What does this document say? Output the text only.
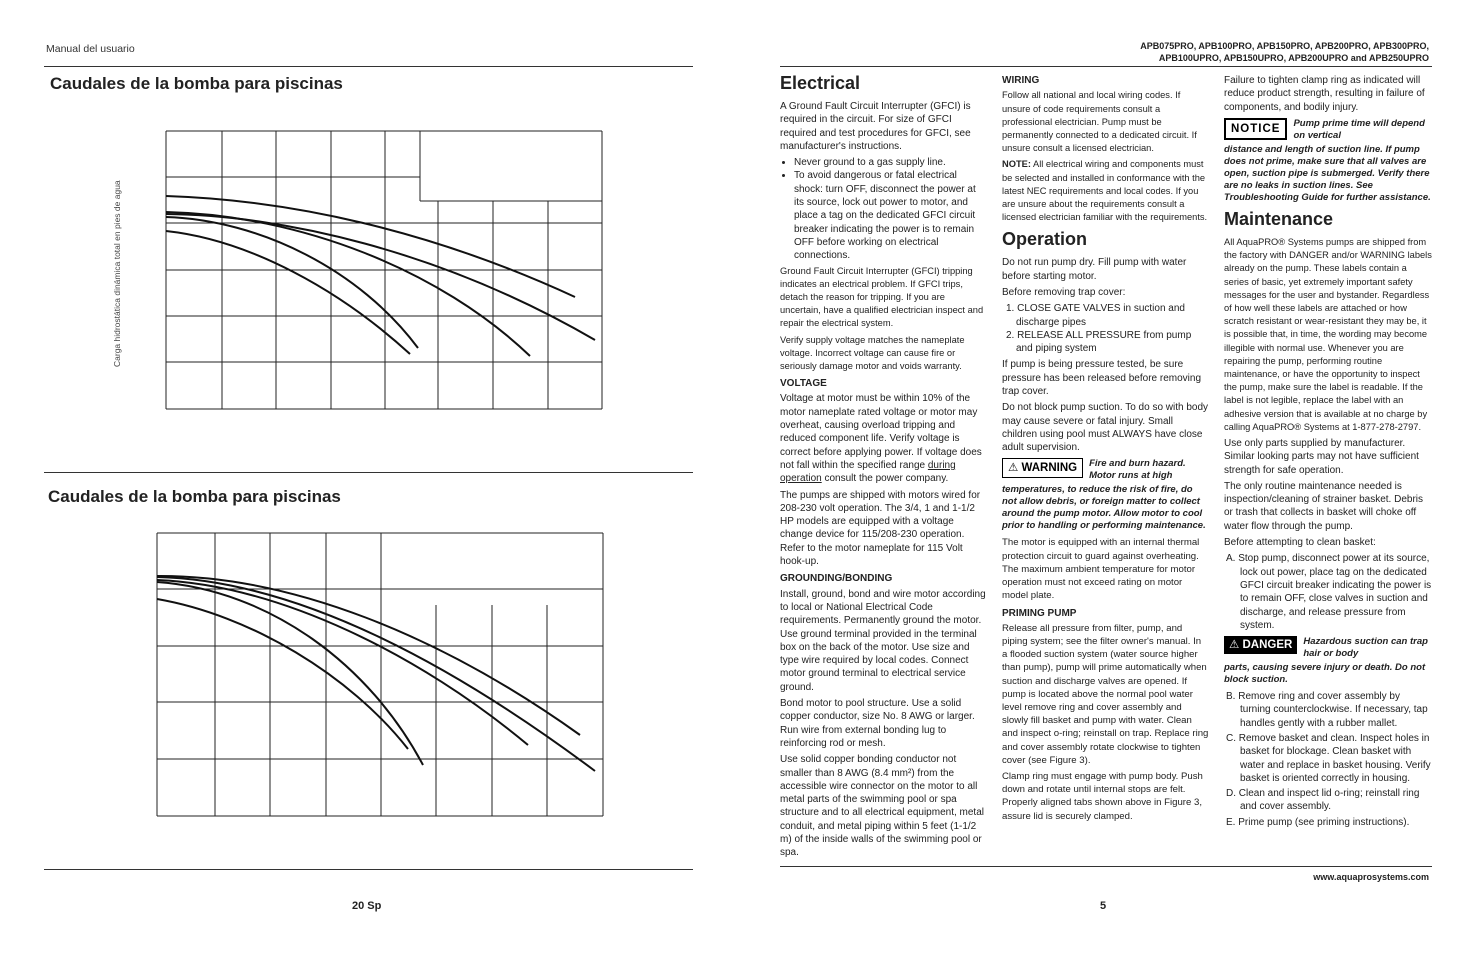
Manual del usuario	APB075PRO, APB100PRO, APB150PRO, APB200PRO, APB300PRO,
APB100UPRO, APB150UPRO, APB200UPRO and APB250UPRO
Caudales de la bomba para piscinas
Carga hidrostática dinámica total en pies de agua
Caudales de la bomba para piscinas
Electrical

A Ground Fault Circuit Interrupter (GFCI) is required in the circuit. For size of GFCI required and test procedures for GFCI, see manufacturer's instructions.

• Never ground to a gas supply line.
• To avoid dangerous or fatal electrical shock: turn OFF, disconnect the power at its source, lock out power to motor, and place a tag on the dedicated GFCI circuit breaker indicating the power is to remain OFF before working on electrical connections.

Ground Fault Circuit Interrupter (GFCI) tripping indicates an electrical problem. If GFCI trips, detach the reason for tripping. If you are uncertain, have a qualified electrician inspect and repair the electrical system.

Verify supply voltage matches the nameplate voltage. Incorrect voltage can cause fire or seriously damage motor and voids warranty.

VOLTAGE

Voltage at motor must be within 10% of the motor nameplate rated voltage or motor may overheat, causing overload tripping and reduced component life. Verify voltage is correct before applying power. If voltage does not fall within the specified range during operation consult the power company.

The pumps are shipped with motors wired for 208-230 volt operation. The 3/4, 1 and 1-1/2 HP models are equipped with a voltage change device for 115/208-230 operation. Refer to the motor nameplate for 115 Volt hook-up.

GROUNDING/BONDING

Install, ground, bond and wire motor according to local or National Electrical Code requirements. Permanently ground the motor. Use ground terminal provided in the terminal box on the back of the motor. Use size and type wire required by local codes. Connect motor ground terminal to electrical service ground.

Bond motor to pool structure. Use a solid copper conductor, size No. 8 AWG or larger. Run wire from external bonding lug to reinforcing rod or mesh.

Use solid copper bonding conductor not smaller than 8 AWG (8.4 mm²) from the accessible wire connector on the motor to all metal parts of the swimming pool or spa structure and to all electrical equipment, metal conduit, and metal piping within 5 feet (1-1/2 m) of the inside walls of the swimming pool or spa.

WIRING

Follow all national and local wiring codes. If unsure of code requirements consult a professional electrician. Pump must be permanently connected to a dedicated circuit. If unsure consult a licensed electrician.

NOTE: All electrical wiring and components must be selected and installed in conformance with the latest NEC requirements and local codes. If you are unsure about the requirements consult a licensed electrician familiar with the requirements.

Operation

Do not run pump dry. Fill pump with water before starting motor.

Before removing trap cover:

1. CLOSE GATE VALVES in suction and discharge pipes
2. RELEASE ALL PRESSURE from pump and piping system

If pump is being pressure tested, be sure pressure has been released before removing trap cover.

Do not block pump suction. To do so with body may cause severe or fatal injury. Small children using pool must ALWAYS have close adult supervision.

⚠ WARNING	Fire and burn hazard. Motor runs at high
temperatures, to reduce the risk of fire, do not allow debris, or foreign matter to collect around the pump motor. Allow motor to cool prior to handling or performing maintenance.

The motor is equipped with an internal thermal protection circuit to guard against overheating. The maximum ambient temperature for motor operation must not exceed rating on motor model plate.

PRIMING PUMP

Release all pressure from filter, pump, and piping system; see the filter owner's manual. In a flooded suction system (water source higher than pump), pump will prime automatically when suction and discharge valves are opened. If pump is located above the normal pool water level remove ring and cover assembly and slowly fill basket and pump with water. Clean and inspect o-ring; reinstall on trap. Replace ring and cover assembly rotate clockwise to tighten cover (see Figure 3).

Clamp ring must engage with pump body. Push down and rotate until internal stops are felt. Properly aligned tabs shown above in Figure 3, assure lid is securely clamped.

Failure to tighten clamp ring as indicated will reduce product strength, resulting in failure of components, and bodily injury.

NOTICE	Pump prime time will depend on vertical
distance and length of suction line. If pump does not prime, make sure that all valves are open, suction pipe is submerged. Verify there are no leaks in suction lines. See Troubleshooting Guide for further assistance.
Maintenance

All AquaPRO® Systems pumps are shipped from the factory with DANGER and/or WARNING labels already on the pump. These labels contain a series of basic, yet extremely important safety messages for the user and bystander. Regardless of how well these labels are attached or how scratch resistant or wear-resistant they may be, it is possible that, in time, the wording may become illegible with normal use. Whenever you are repairing the pump, performing routine maintenance, or have the opportunity to inspect the pump, make sure the label is readable. If the label is not legible, replace the label with an adhesive version that is available at no charge by calling AquaPRO® Systems at 1-877-278-2797.

Use only parts supplied by manufacturer. Similar looking parts may not have sufficient strength for safe operation.

The only routine maintenance needed is inspection/cleaning of strainer basket. Debris or trash that collects in basket will choke off water flow through the pump.

Before attempting to clean basket:

A. Stop pump, disconnect power at its source, lock out power, place tag on the dedicated GFCI circuit breaker indicating the power is to remain OFF, close valves in suction and discharge, and release pressure from system.
⚠ DANGER	Hazardous suction can trap hair or body
parts, causing severe injury or death. Do not block suction.
B. Remove ring and cover assembly by turning counterclockwise. If necessary, tap handles gently with a rubber mallet.
C. Remove basket and clean. Inspect holes in basket for blockage. Clean basket with water and replace in basket housing. Verify basket is oriented correctly in housing.
D. Clean and inspect lid o-ring; reinstall ring and cover assembly.
E. Prime pump (see priming instructions).
www.aquaprosystems.com
20 Sp	5
